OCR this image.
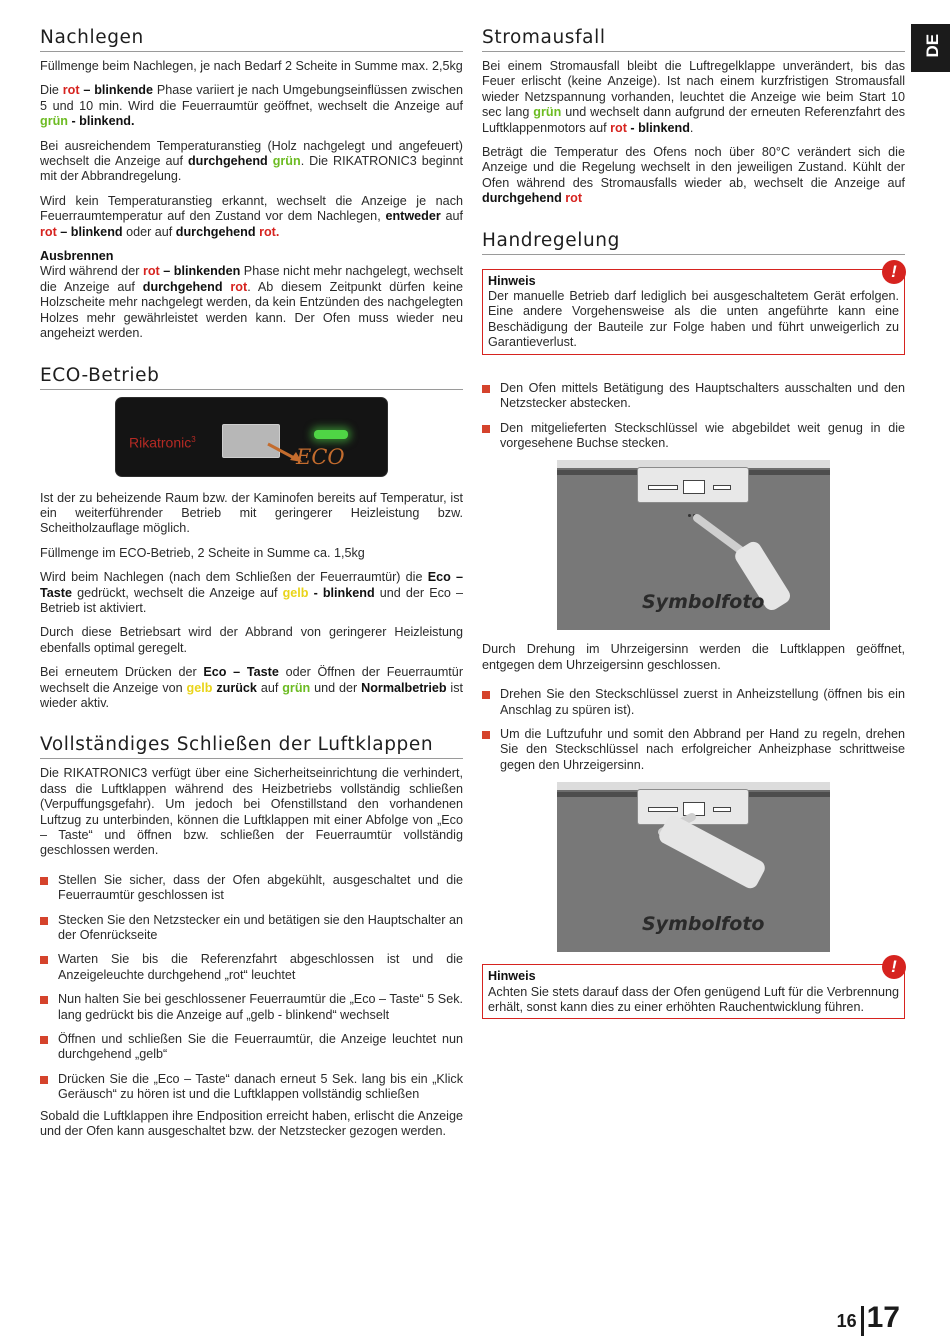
DE
Nachlegen

Füllmenge beim Nachlegen, je nach Bedarf 2 Scheite in Summe max. 2,5kg

Die rot – blinkende Phase variiert je nach Umgebungseinflüssen zwischen 5 und 10 min. Wird die Feuerraumtür geöffnet, wechselt die Anzeige auf grün - blinkend.

Bei ausreichendem Temperaturanstieg (Holz nachgelegt und angefeuert) wechselt die Anzeige auf durchgehend grün. Die RIKATRONIC3 beginnt mit der Abbrandregelung.

Wird kein Temperaturanstieg erkannt, wechselt die Anzeige je nach Feuerraumtemperatur auf den Zustand vor dem Nachlegen, entweder auf rot – blinkend oder auf durchgehend rot.

Ausbrennen

Wird während der rot – blinkenden Phase nicht mehr nachgelegt, wechselt die Anzeige auf durchgehend rot. Ab diesem Zeitpunkt dürfen keine Holzscheite mehr nachgelegt werden, da kein Entzünden des nachgelegten Holzes mehr gewährleistet werden kann. Der Ofen muss wieder neu angeheizt werden.

ECO-Betrieb
Rikatronic$^3$
ECO

Ist der zu beheizende Raum bzw. der Kaminofen bereits auf Temperatur, ist ein weiterführender Betrieb mit geringerer Heizleistung bzw. Scheitholzauflage möglich.

Füllmenge im ECO-Betrieb, 2 Scheite in Summe ca. 1,5kg

Wird beim Nachlegen (nach dem Schließen der Feuerraumtür) die Eco – Taste gedrückt, wechselt die Anzeige auf gelb - blinkend und der Eco – Betrieb ist aktiviert.

Durch diese Betriebsart wird der Abbrand von geringerer Heizleistung ebenfalls optimal geregelt.

Bei erneutem Drücken der Eco – Taste oder Öffnen der Feuerraumtür wechselt die Anzeige von gelb zurück auf grün und der Normalbetrieb ist wieder aktiv.

Vollständiges Schließen der Luftklappen

Die RIKATRONIC3 verfügt über eine Sicherheitseinrichtung die verhindert, dass die Luftklappen während des Heizbetriebs vollständig schließen (Verpuffungsgefahr). Um jedoch bei Ofenstillstand den vorhandenen Luftzug zu unterbinden, können die Luftklappen mit einer Abfolge von „Eco – Taste“ und öffnen bzw. schließen der Feuerraumtür vollständig geschlossen werden.

Stellen Sie sicher, dass der Ofen abgekühlt, ausgeschaltet und die Feuerraumtür geschlossen ist
Stecken Sie den Netzstecker ein und betätigen sie den Hauptschalter an der Ofenrückseite
Warten Sie bis die Referenzfahrt abgeschlossen ist und die Anzeigeleuchte durchgehend „rot“ leuchtet
Nun halten Sie bei geschlossener Feuerraumtür die „Eco – Taste“ 5 Sek. lang gedrückt bis die Anzeige auf „gelb - blinkend“ wechselt
Öffnen und schließen Sie die Feuerraumtür, die Anzeige leuchtet nun durchgehend „gelb“
Drücken Sie die „Eco – Taste“ danach erneut 5 Sek. lang bis ein „Klick Geräusch“ zu hören ist und die Luftklappen vollständig schließen

Sobald die Luftklappen ihre Endposition erreicht haben, erlischt die Anzeige und der Ofen kann ausgeschaltet bzw. der Netzstecker gezogen werden.

Stromausfall

Bei einem Stromausfall bleibt die Luftregelklappe unverändert, bis das Feuer erlischt (keine Anzeige). Ist nach einem kurzfristigen Stromausfall wieder Netzspannung vorhanden, leuchtet die Anzeige wie beim Start 10 sec lang grün und wechselt dann aufgrund der erneuten Referenzfahrt des Luftklappenmotors auf rot - blinkend.

Beträgt die Temperatur des Ofens noch über 80°C verändert sich die Anzeige und die Regelung wechselt in den jeweiligen Zustand. Kühlt der Ofen während des Stromausfalls wieder ab, wechselt die Anzeige auf durchgehend rot

Handregelung
!
Hinweis
Der manuelle Betrieb darf lediglich bei ausgeschaltetem Gerät erfolgen. Eine andere Vorgehensweise als die unten angeführte kann eine Beschädigung der Bauteile zur Folge haben und führt unweigerlich zu Garantieverlust.
Den Ofen mittels Betätigung des Hauptschalters ausschalten und den Netzstecker abstecken.
Den mitgelieferten Steckschlüssel wie abgebildet weit genug in die vorgesehene Buchse stecken.
Symbolfoto

Durch Drehung im Uhrzeigersinn werden die Luftklappen geöffnet, entgegen dem Uhrzeigersinn geschlossen.

Drehen Sie den Steckschlüssel zuerst in Anheizstellung (öffnen bis ein Anschlag zu spüren ist).
Um die Luftzufuhr und somit den Abbrand per Hand zu regeln, drehen Sie den Steckschlüssel nach erfolgreicher Anheizphase schrittweise gegen den Uhrzeigersinn.
Symbolfoto
!
Hinweis
Achten Sie stets darauf dass der Ofen genügend Luft für die Verbrennung erhält, sonst kann dies zu einer erhöhten Rauchentwicklung führen.
16 17
